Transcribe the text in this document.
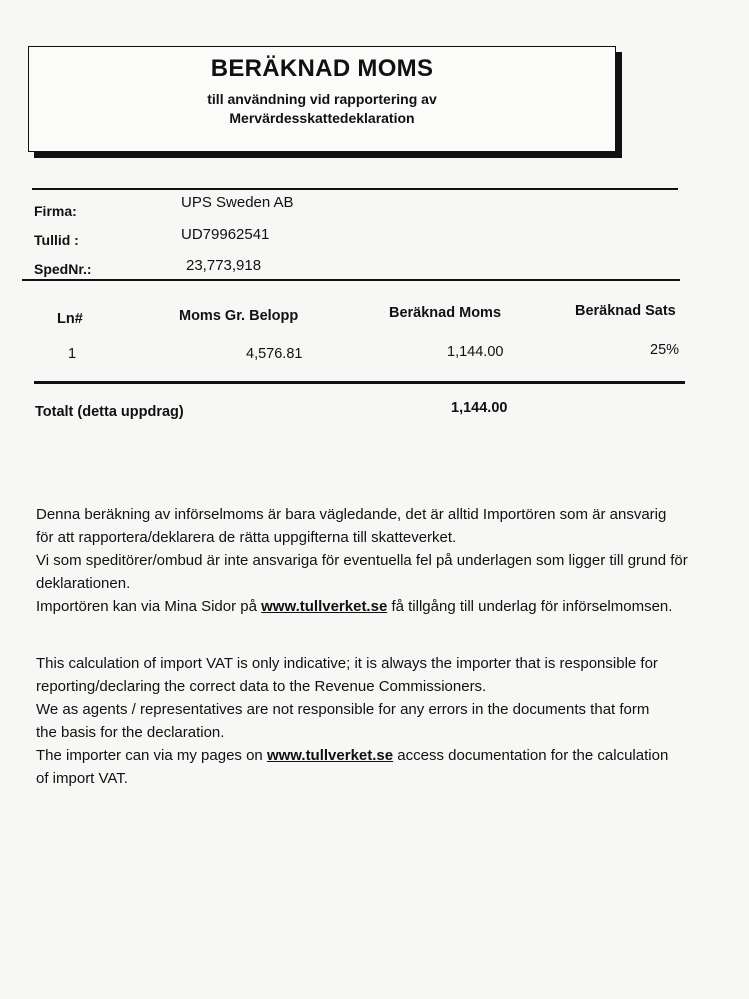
BERÄKNAD MOMS
till användning vid rapportering av
Mervärdesskattedeklaration
Firma:	UPS Sweden AB
Tullid :	UD79962541
SpedNr.:	23,773,918
Ln#	Moms Gr. Belopp	Beräknad Moms	Beräknad Sats
1	4,576.81	1,144.00	25%
Totalt (detta uppdrag)	1,144.00
Denna beräkning av införselmoms är bara vägledande, det är alltid Importören som är ansvarig
för att rapportera/deklarera de rätta uppgifterna till skatteverket.
Vi som speditörer/ombud är inte ansvariga för eventuella fel på underlagen som ligger till grund för
deklarationen.
Importören kan via Mina Sidor på www.tullverket.se få tillgång till underlag för införselmomsen.
This calculation of import VAT is only indicative; it is always the importer that is responsible for
reporting/declaring the correct data to the Revenue Commissioners.
We as agents / representatives are not responsible for any errors in the documents that form
the basis for the declaration.
The importer can via my pages on www.tullverket.se access documentation for the calculation
of import VAT.
